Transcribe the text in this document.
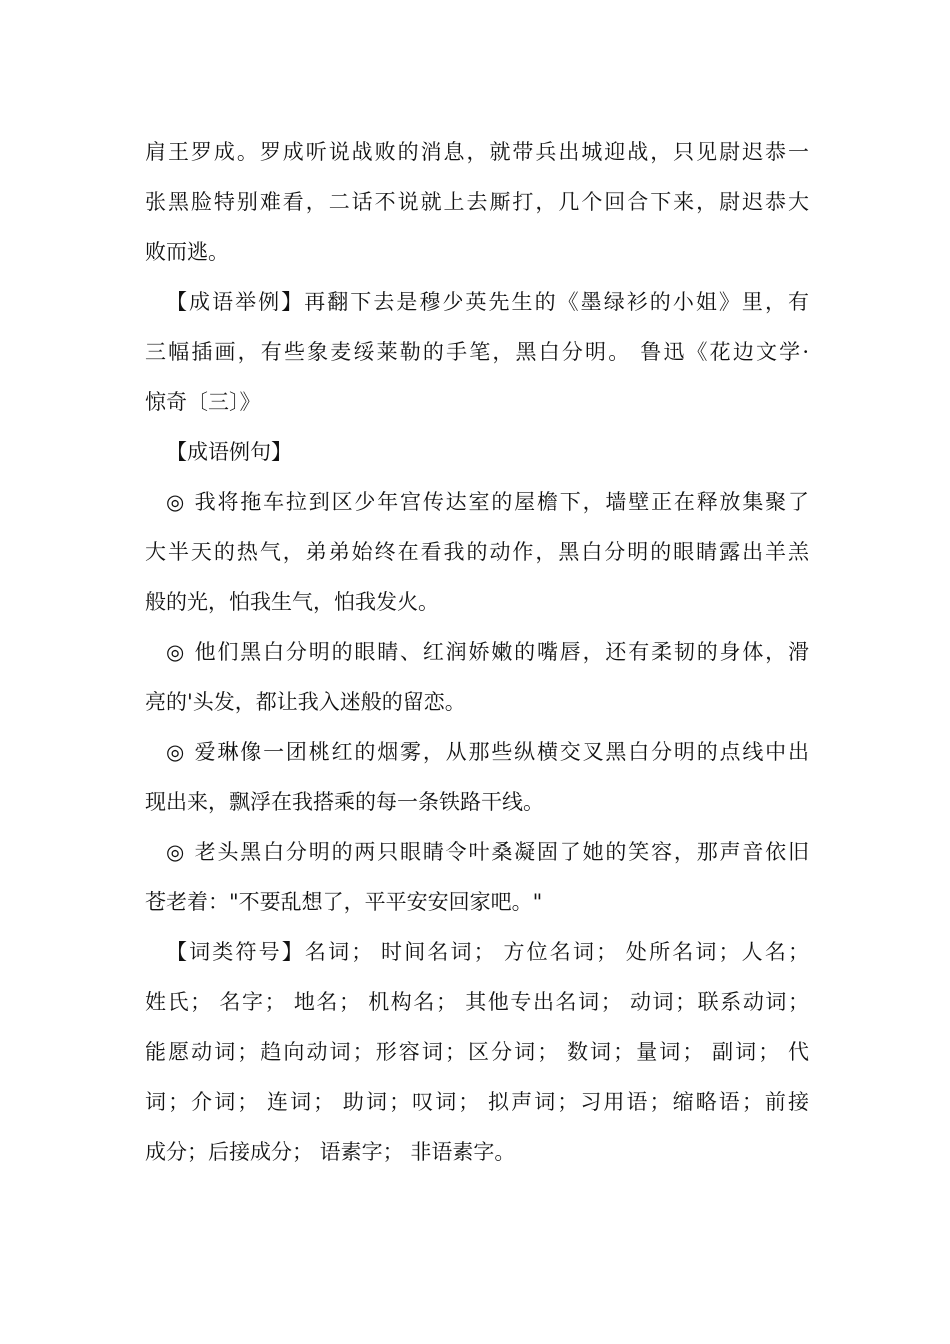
肩王罗成。罗成听说战败的消息，就带兵出城迎战，只见尉迟恭一
张黑脸特别难看，二话不说就上去厮打，几个回合下来，尉迟恭大
败而逃。
【成语举例】再翻下去是穆少英先生的《墨绿衫的小姐》里，有
三幅插画，有些象麦绥莱勒的手笔，黑白分明。 鲁迅《花边文学·
惊奇〔三〕》
【成语例句】
◎ 我将拖车拉到区少年宫传达室的屋檐下，墙壁正在释放集聚了
大半天的热气，弟弟始终在看我的动作，黑白分明的眼睛露出羊羔
般的光，怕我生气，怕我发火。
◎ 他们黑白分明的眼睛、红润娇嫩的嘴唇，还有柔韧的身体，滑
亮的'头发，都让我入迷般的留恋。
◎ 爱琳像一团桃红的烟雾，从那些纵横交叉黑白分明的点线中出
现出来，飘浮在我搭乘的每一条铁路干线。
◎ 老头黑白分明的两只眼睛令叶桑凝固了她的笑容，那声音依旧
苍老着："不要乱想了，平平安安回家吧。"
【词类符号】名词； 时间名词； 方位名词； 处所名词；人名；
姓氏； 名字； 地名； 机构名； 其他专出名词； 动词；联系动词；
能愿动词；趋向动词；形容词；区分词； 数词；量词； 副词； 代
词；介词； 连词； 助词；叹词； 拟声词；习用语；缩略语；前接
成分；后接成分； 语素字； 非语素字。
